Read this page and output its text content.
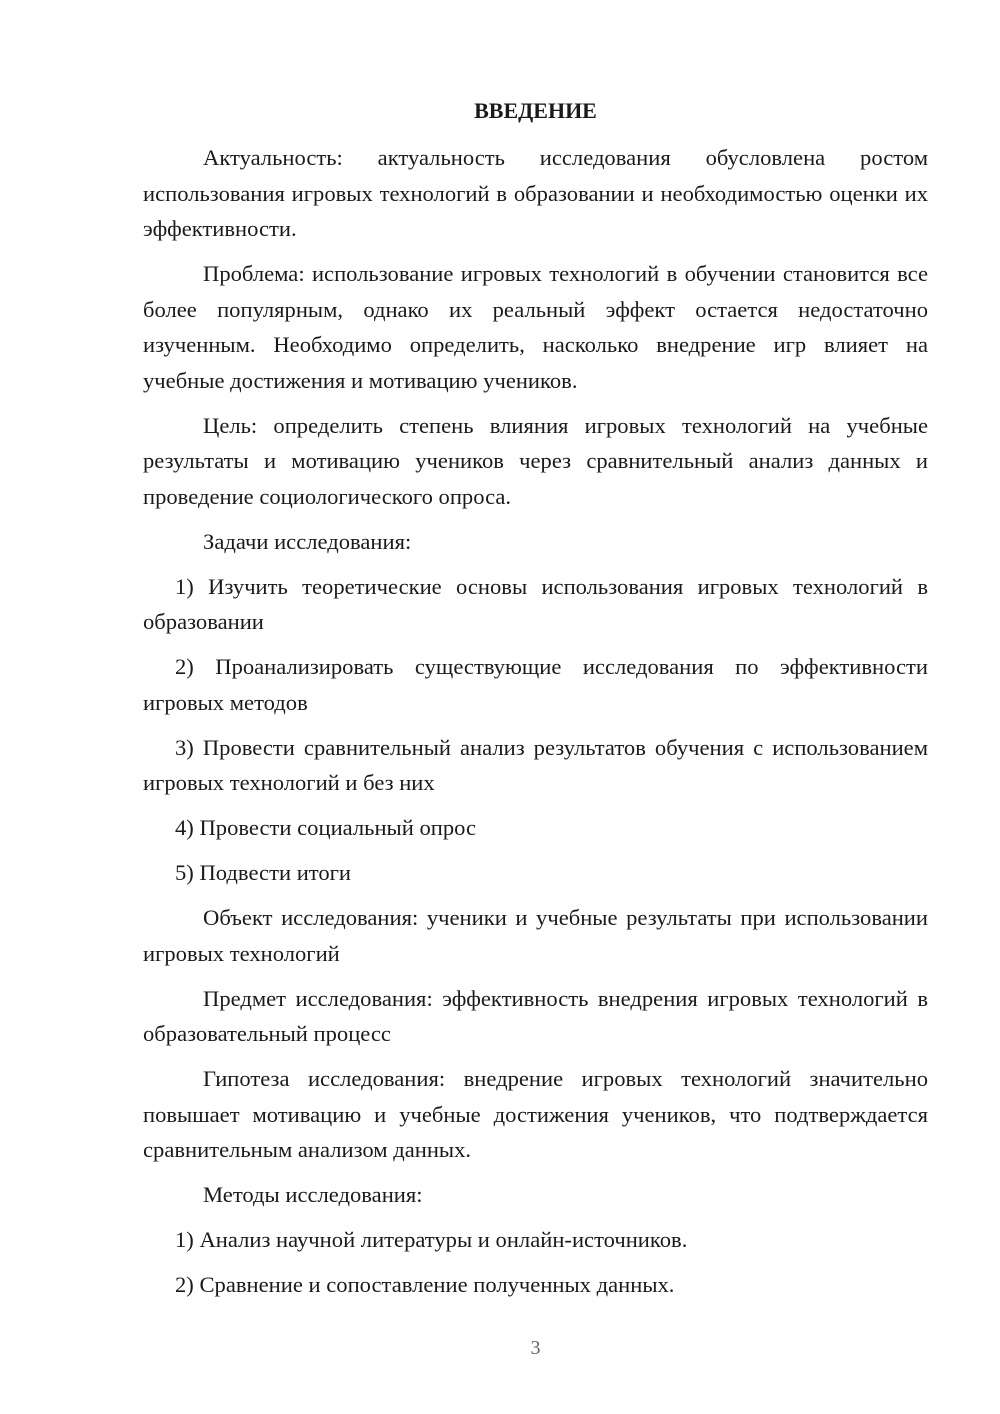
ВВЕДЕНИЕ

Актуальность: актуальность исследования обусловлена ростом использования игровых технологий в образовании и необходимостью оценки их эффективности.

Проблема: использование игровых технологий в обучении становится все более популярным, однако их реальный эффект остается недостаточно изученным. Необходимо определить, насколько внедрение игр влияет на учебные достижения и мотивацию учеников.

Цель: определить степень влияния игровых технологий на учебные результаты и мотивацию учеников через сравнительный анализ данных и проведение социологического опроса.

Задачи исследования:

1) Изучить теоретические основы использования игровых технологий в образовании

2) Проанализировать существующие исследования по эффективности игровых методов

3) Провести сравнительный анализ результатов обучения с использованием игровых технологий и без них

4) Провести социальный опрос

5) Подвести итоги

Объект исследования: ученики и учебные результаты при использовании игровых технологий

Предмет исследования: эффективность внедрения игровых технологий в образовательный процесс

Гипотеза исследования: внедрение игровых технологий значительно повышает мотивацию и учебные достижения учеников, что подтверждается сравнительным анализом данных.

Методы исследования:

1) Анализ научной литературы и онлайн-источников.

2) Сравнение и сопоставление полученных данных.

3
